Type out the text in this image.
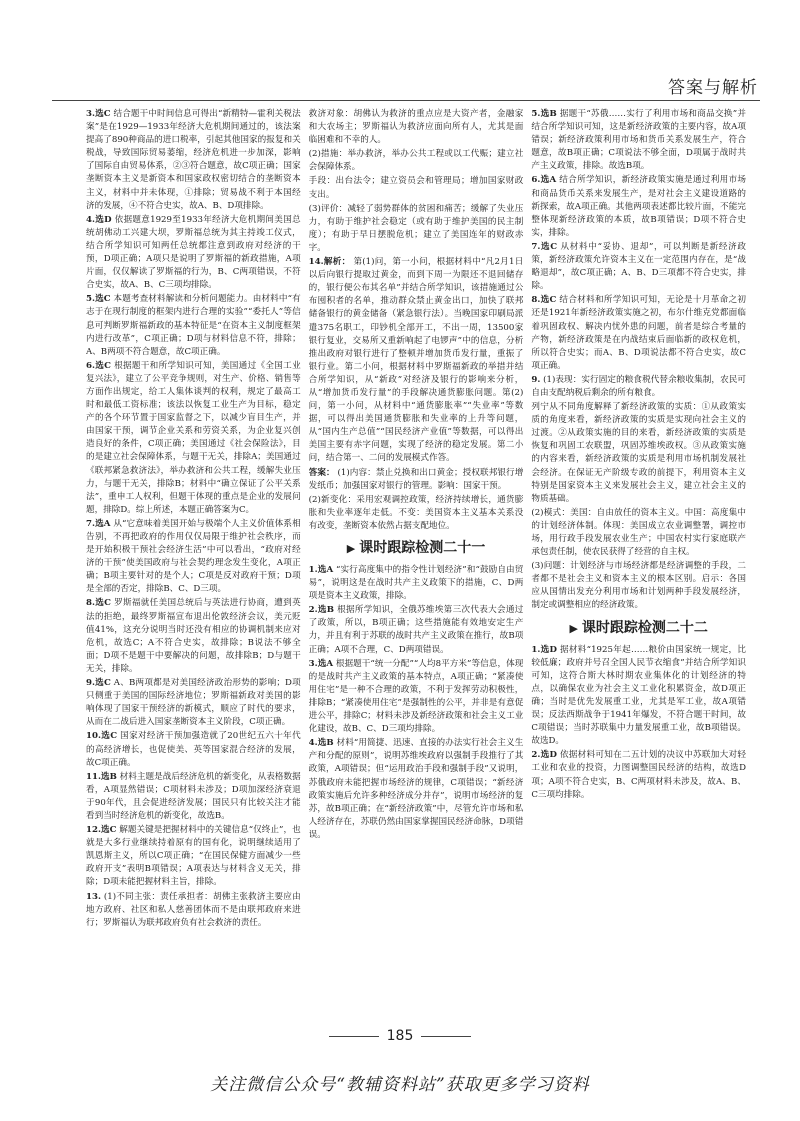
答案与解析
3.选C 结合题干中时间信息可得出“新精特—霍利关税法案”是在1929—1933年经济大危机期间通过的，该法案提高了890种商品的进口税率，引起其他国家的报复和关税战，导致国际贸易萎缩，经济危机进一步加深，影响了国际自由贸易体系，②③符合题意，故C项正确；国家垄断资本主义是新资本和国家政权密切结合的垄断资本主义，材料中并未体现，①排除；贸易战不利于本国经济的发展，④不符合史实，故A、B、D项排除。
4.选D 依据题意1929至1933年经济大危机期间美国总统胡佛动工兴建大坝，罗斯福总统为其主持竣工仪式，结合所学知识可知两任总统都注意到政府对经济的干预，D项正确；A项只是说明了罗斯福的新政措施，A项片面，仅仅解读了罗斯福的行为，B、C两项错误，不符合史实，故A、B、C三项均排除。
5.选C 本题考查材料解读和分析问题能力。由材料中“有志于在现行制度的框架内进行合理的实验”“委托人”等信息可判断罗斯福新政的基本特征是“在资本主义制度框架内进行改革”，C项正确；D项与材料信息不符，排除；A、B两项不符合题意，故C项正确。
6.选C 根据题干和所学知识可知，美国通过《全国工业复兴法》，建立了公平竞争规则，对生产、价格、销售等方面作出规定，给工人集体谈判的权利，规定了最高工时和最低工资标准；该法以恢复工业生产为目标，稳定产的各个环节置于国家监督之下，以减少盲目生产，并由国家干预，调节企业关系和劳资关系，为企业复兴创造良好的条件，C项正确；美国通过《社会保险法》，目的是建立社会保障体系，与题干无关，排除A；美国通过《联邦紧急救济法》，举办救济和公共工程，缓解失业压力，与题干无关，排除B；材料中“确立保证了公平关系法”，重申工人权利，但题干体现的重点是企业的发展问题，排除D。综上所述，本题正确答案为C。
7.选A 从“它意味着美国开始与极端个人主义价值体系相告别，不再把政府的作用仅仅局限于维护社会秩序，而是开始积极干预社会经济生活”中可以看出，“政府对经济的干预”使美国政府与社会契约理念发生变化，A项正确；B项主要针对的是个人；C项是反对政府干预；D项是全部的否定，排除B、C、D三项。
8.选C 罗斯福就任美国总统后与英法进行协商，遭到英法的拒绝，最终罗斯福宣布退出伦敦经济会议，美元贬值41%，这充分说明当时还没有相应的协调机制来应对危机，故选C；A不符合史实，故排除；B说法不够全面；D项不是题干中要解决的问题，故排除B；D与题干无关，排除。
9.选C A、B两项都是对美国经济政治形势的影响；D项只侧重于美国的国际经济地位；罗斯福新政对美国的影响体现了国家干预经济的新模式，顺应了时代的要求，从而在二战后进入国家垄断资本主义阶段，C项正确。
10.选C 国家对经济干预加强造就了20世纪五六十年代的高经济增长，也促使美、英等国家混合经济的发展，故C项正确。
11.选B 材料主题是战后经济危机的新变化，从表格数据看，A项显然错误；C项材料未涉及；D项加深经济衰退于90年代，且会促进经济发展；国民只有比较关注才能看到当时经济危机的新变化，故选B。
12.选C 解题关键是把握材料中的关键信息“仅终止”，也就是大多行业继续持着原有的国有化，说明继续适用了凯恩斯主义，所以C项正确；“在国民保健方面减少一些政府开支”表明B项错误；A项表达与材料含义无关，排除；D项未能把握材料主旨，排除。
13. (1)不同主张：责任承担者：胡佛主张救济主要应由地方政府、社区和私人慈善团体而不是由联邦政府来进行；罗斯福认为联邦政府负有社会救济的责任。
救济对象：胡佛认为救济的重点应是大资产者，金融家和大农场主；罗斯福认为救济应面向所有人，尤其是面临困难和不幸的人。
(2)措施：举办救济，举办公共工程或以工代赈；建立社会保障体系。
手段：出台法令；建立资员会和管理局；增加国家财政支出。
(3)评价：减轻了弱势群体的贫困和痛苦；缓解了失业压力，有助于维护社会稳定（或有助于维护美国的民主制度）；有助于早日摆脱危机；建立了美国连年的财政赤字。
14.解析： 第(1)问，第一小问，根据材料中“凡2月1日以后向银行提取过黄金，而到下周一为限还不退回储存的，银行便公布其名单”并结合所学知识，该措施通过公布囤积者的名单，推动群众禁止黄金出口，加快了联邦储备银行的黄金储备（紧急银行法）。当晚国家印刷局派遣375名职工，印钞机全部开工，不出一周，13500家银行复业，交易所又重新响起了电锣声”中的信息，分析推出政府对银行进行了整顿并增加货币发行量，重振了银行业。第二小问，根据材料中罗斯福新政的举措并结合所学知识，从“新政”对经济及银行的影响来分析，从“增加货币发行量”的手段解决通货膨胀问题。第(2)问，第一小问，从材料中“通货膨胀率”“失业率”等数据，可以得出美国通货膨胀和失业率的上升等问题，从“国内生产总值”“国民经济产业值”等数据，可以得出美国主要有赤字问题，实现了经济的稳定发展。第二小问，结合第一、二问的发展模式作答。
答案： (1)内容：禁止兑换和出口黄金；授权联邦银行增发纸币；加强国家对银行的管理。影响：国家干预。
(2)新变化：采用宏观调控政策，经济持续增长，通货膨胀和失业率逐年走低。不变：美国资本主义基本关系没有改变，垄断资本依然占据支配地位。
▶ 课时跟踪检测二十一
1.选A “实行高度集中的指令性计划经济”和“鼓励自由贸易”，说明这是在战时共产主义政策下的措施，C、D两项是资本主义政策，排除。
2.选B 根据所学知识，全俄苏维埃第三次代表大会通过了政策，所以，B项正确；这些措施能有效地安定生产力，并且有利于苏联的战时共产主义政策在推行，故B项正确；A项不合理，C、D两项错误。
3.选A 根据题干“统一分配”“人均8平方米”等信息，体现的是战时共产主义政策的基本特点，A项正确；“紧凑使用住宅”是一种不合理的政策，不利于发挥劳动积极性，排除B；“紧凑使用住宅”是强制性的公平，并非是有意促进公平，排除C；材料未涉及新经济政策和社会主义工业化建设，故B、C、D三项均排除。
4.选B 材料“用简捷、迅速、直接的办法实行社会主义生产和分配的原则”，说明苏维埃政府以强制手段推行了其政策，A项错误；但“运用政治手段和强制手段”又说明，苏俄政府未能把握市场经济的规律，C项错误；“新经济政策实施后允许多种经济成分并存”，说明市场经济的复苏，故B项正确；在“新经济政策”中，尽管允许市场和私人经济存在，苏联仍然由国家掌握国民经济命脉，D项错误。
5.选B 据题干“苏俄……实行了利用市场和商品交换”并结合所学知识可知，这是新经济政策的主要内容，故A项错误；新经济政策利用市场和货币关系发展生产，符合题意，故B项正确；C项说法不够全面，D项属于战时共产主义政策，排除。故选B项。
6.选A 结合所学知识，新经济政策实施是通过利用市场和商品货币关系来发展生产，是对社会主义建设道路的新探索，故A项正确。其他两项表述都比较片面，不能完整体现新经济政策的本质，故B项错误；D项不符合史实，排除。
7.选C 从材料中“妥协、退却”，可以判断是新经济政策，新经济政策允许资本主义在一定范围内存在，是“战略退却”，故C项正确；A、B、D三项都不符合史实，排除。
8.选C 结合材料和所学知识可知，无论是十月革命之初还是1921年新经济政策实施之初，布尔什维克党都面临着巩固政权、解决内忧外患的问题，前者是综合考量的产物，新经济政策是在内战结束后面临新的政权危机，所以符合史实；而A、B、D项说法都不符合史实，故C项正确。
9. (1)表现：实行固定的粮食税代替余粮收集制，农民可自由支配纳税后剩余的所有粮食。
列宁从不同角度解释了新经济政策的实质：①从政策实质的角度来看，新经济政策的实质是实现向社会主义的过渡。②从政策实施的目的来看，新经济政策的实质是恢复和巩固工农联盟，巩固苏维埃政权。③从政策实施的内容来看，新经济政策的实质是利用市场机制发展社会经济。在保证无产阶级专政的前提下，利用资本主义特别是国家资本主义来发展社会主义，建立社会主义的物质基础。
(2)模式：美国：自由放任的资本主义。中国：高度集中的计划经济体制。体现：美国成立农业调整署，调控市场，用行政手段发展农业生产；中国农村实行家庭联产承包责任制，使农民获得了经营的自主权。
(3)问题：计划经济与市场经济都是经济调整的手段，二者都不是社会主义和资本主义的根本区别。启示：各国应从国情出发充分利用市场和计划两种手段发展经济，制定或调整相应的经济政策。
▶ 课时跟踪检测二十二
1.选D 据材料“1925年起……粮价由国家统一规定，比较低廉；政府并号召全国人民节衣缩食”并结合所学知识可知，这符合斯大林时期农业集体化的计划经济的特点，以确保农业为社会主义工业化积累资金，故D项正确；当时是优先发展重工业，尤其是军工业，故A项错误；反法西斯战争于1941年爆发，不符合题干时间，故C项错误；当时苏联集中力量发展重工业，故B项错误。故选D。
2.选D 依据材料可知在二五计划的决议中苏联加大对轻工业和农业的投资，力图调整国民经济的结构，故选D项；A项不符合史实，B、C两项材料未涉及，故A、B、C三项均排除。
185
关注微信公众号“教辅资料站”获取更多学习资料
